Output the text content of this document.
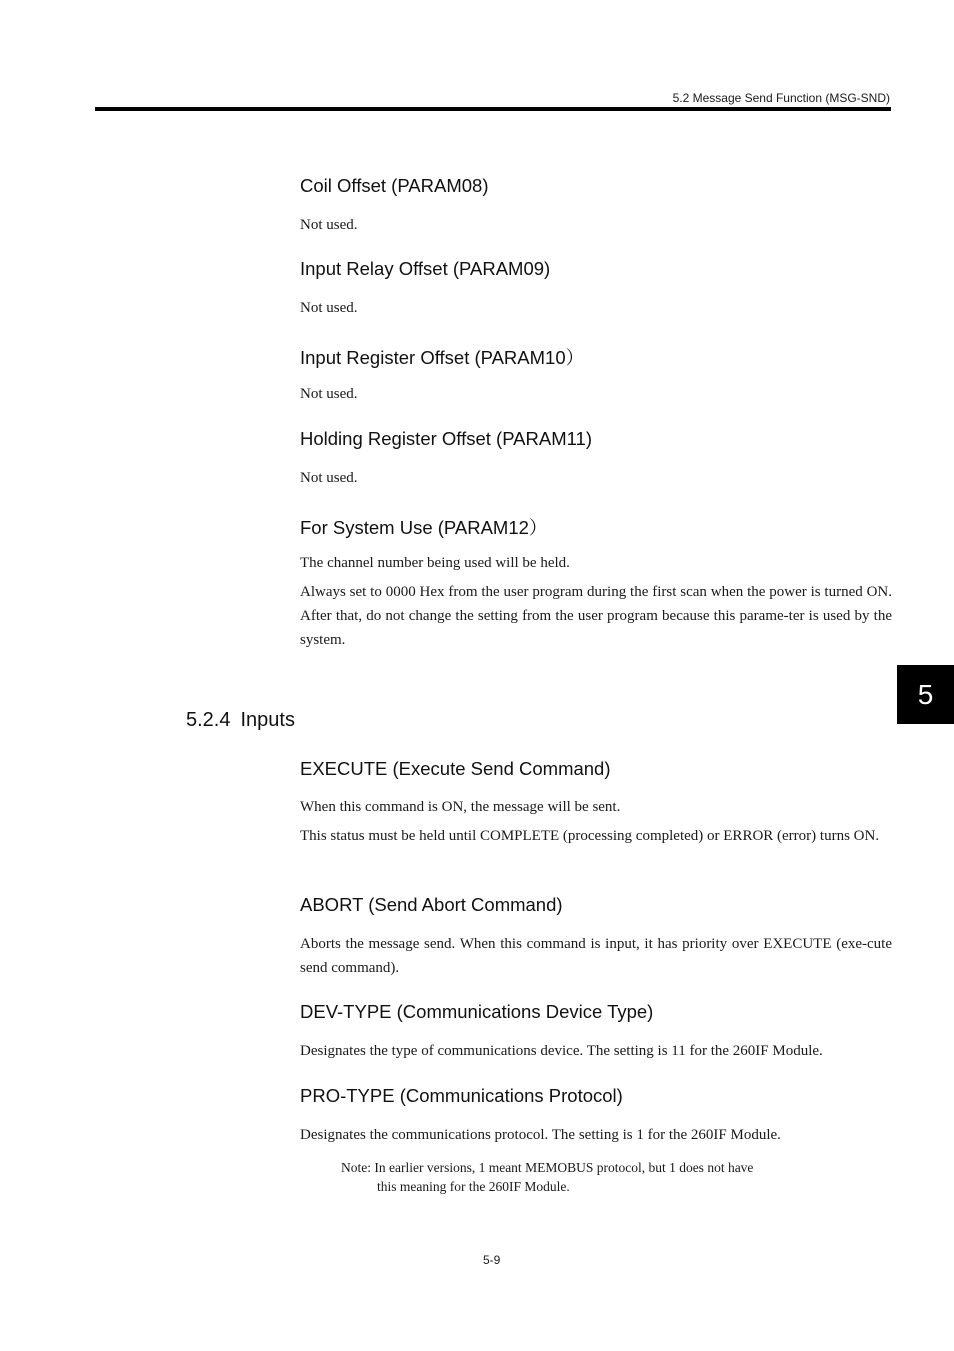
5.2 Message Send Function (MSG-SND)
5
Coil Offset (PARAM08)
Not used.
Input Relay Offset (PARAM09)
Not used.
Input Register Offset (PARAM10）
Not used.
Holding Register Offset (PARAM11)
Not used.
For System Use (PARAM12）
The channel number being used will be held.
Always set to 0000 Hex from the user program during the first scan when the power is turned ON. After that, do not change the setting from the user program because this parame-ter is used by the system.
5.2.4 Inputs
EXECUTE (Execute Send Command)
When this command is ON, the message will be sent.
This status must be held until COMPLETE (processing completed) or ERROR (error) turns ON.
ABORT (Send Abort Command)
Aborts the message send. When this command is input, it has priority over EXECUTE (exe-cute send command).
DEV-TYPE (Communications Device Type)
Designates the type of communications device. The setting is 11 for the 260IF Module.
PRO-TYPE (Communications Protocol)
Designates the communications protocol. The setting is 1 for the 260IF Module.
Note: In earlier versions, 1 meant MEMOBUS protocol, but 1 does not have
this meaning for the 260IF Module.
5-9
